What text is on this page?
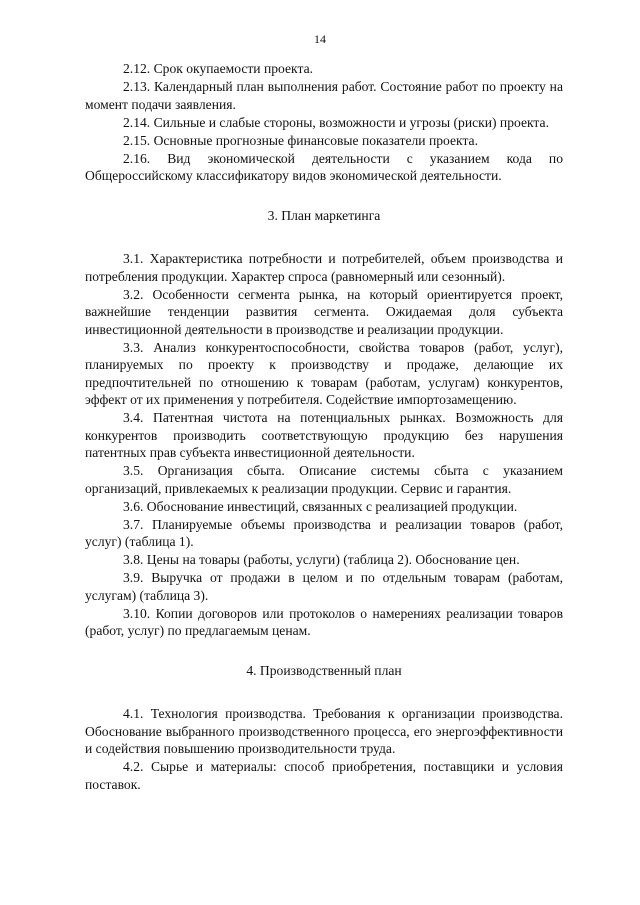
14

2.12. Срок окупаемости проекта.

2.13. Календарный план выполнения работ. Состояние работ по проекту на момент подачи заявления.

2.14. Сильные и слабые стороны, возможности и угрозы (риски) проекта.

2.15. Основные прогнозные финансовые показатели проекта.

2.16. Вид экономической деятельности с указанием кода по Общероссийскому классификатору видов экономической деятельности.

3. План маркетинга

3.1. Характеристика потребности и потребителей, объем производства и потребления продукции. Характер спроса (равномерный или сезонный).

3.2. Особенности сегмента рынка, на который ориентируется проект, важнейшие тенденции развития сегмента. Ожидаемая доля субъекта инвестиционной деятельности в производстве и реализации продукции.

3.3. Анализ конкурентоспособности, свойства товаров (работ, услуг), планируемых по проекту к производству и продаже, делающие их предпочтительней по отношению к товарам (работам, услугам) конкурентов, эффект от их применения у потребителя. Содействие импортозамещению.

3.4. Патентная чистота на потенциальных рынках. Возможность для конкурентов производить соответствующую продукцию без нарушения патентных прав субъекта инвестиционной деятельности.

3.5. Организация сбыта. Описание системы сбыта с указанием организаций, привлекаемых к реализации продукции. Сервис и гарантия.

3.6. Обоснование инвестиций, связанных с реализацией продукции.

3.7. Планируемые объемы производства и реализации товаров (работ, услуг) (таблица 1).

3.8. Цены на товары (работы, услуги) (таблица 2). Обоснование цен.

3.9. Выручка от продажи в целом и по отдельным товарам (работам, услугам) (таблица 3).

3.10. Копии договоров или протоколов о намерениях реализации товаров (работ, услуг) по предлагаемым ценам.

4. Производственный план

4.1. Технология производства. Требования к организации производства. Обоснование выбранного производственного процесса, его энергоэффективности и содействия повышению производительности труда.

4.2. Сырье и материалы: способ приобретения, поставщики и условия поставок.
